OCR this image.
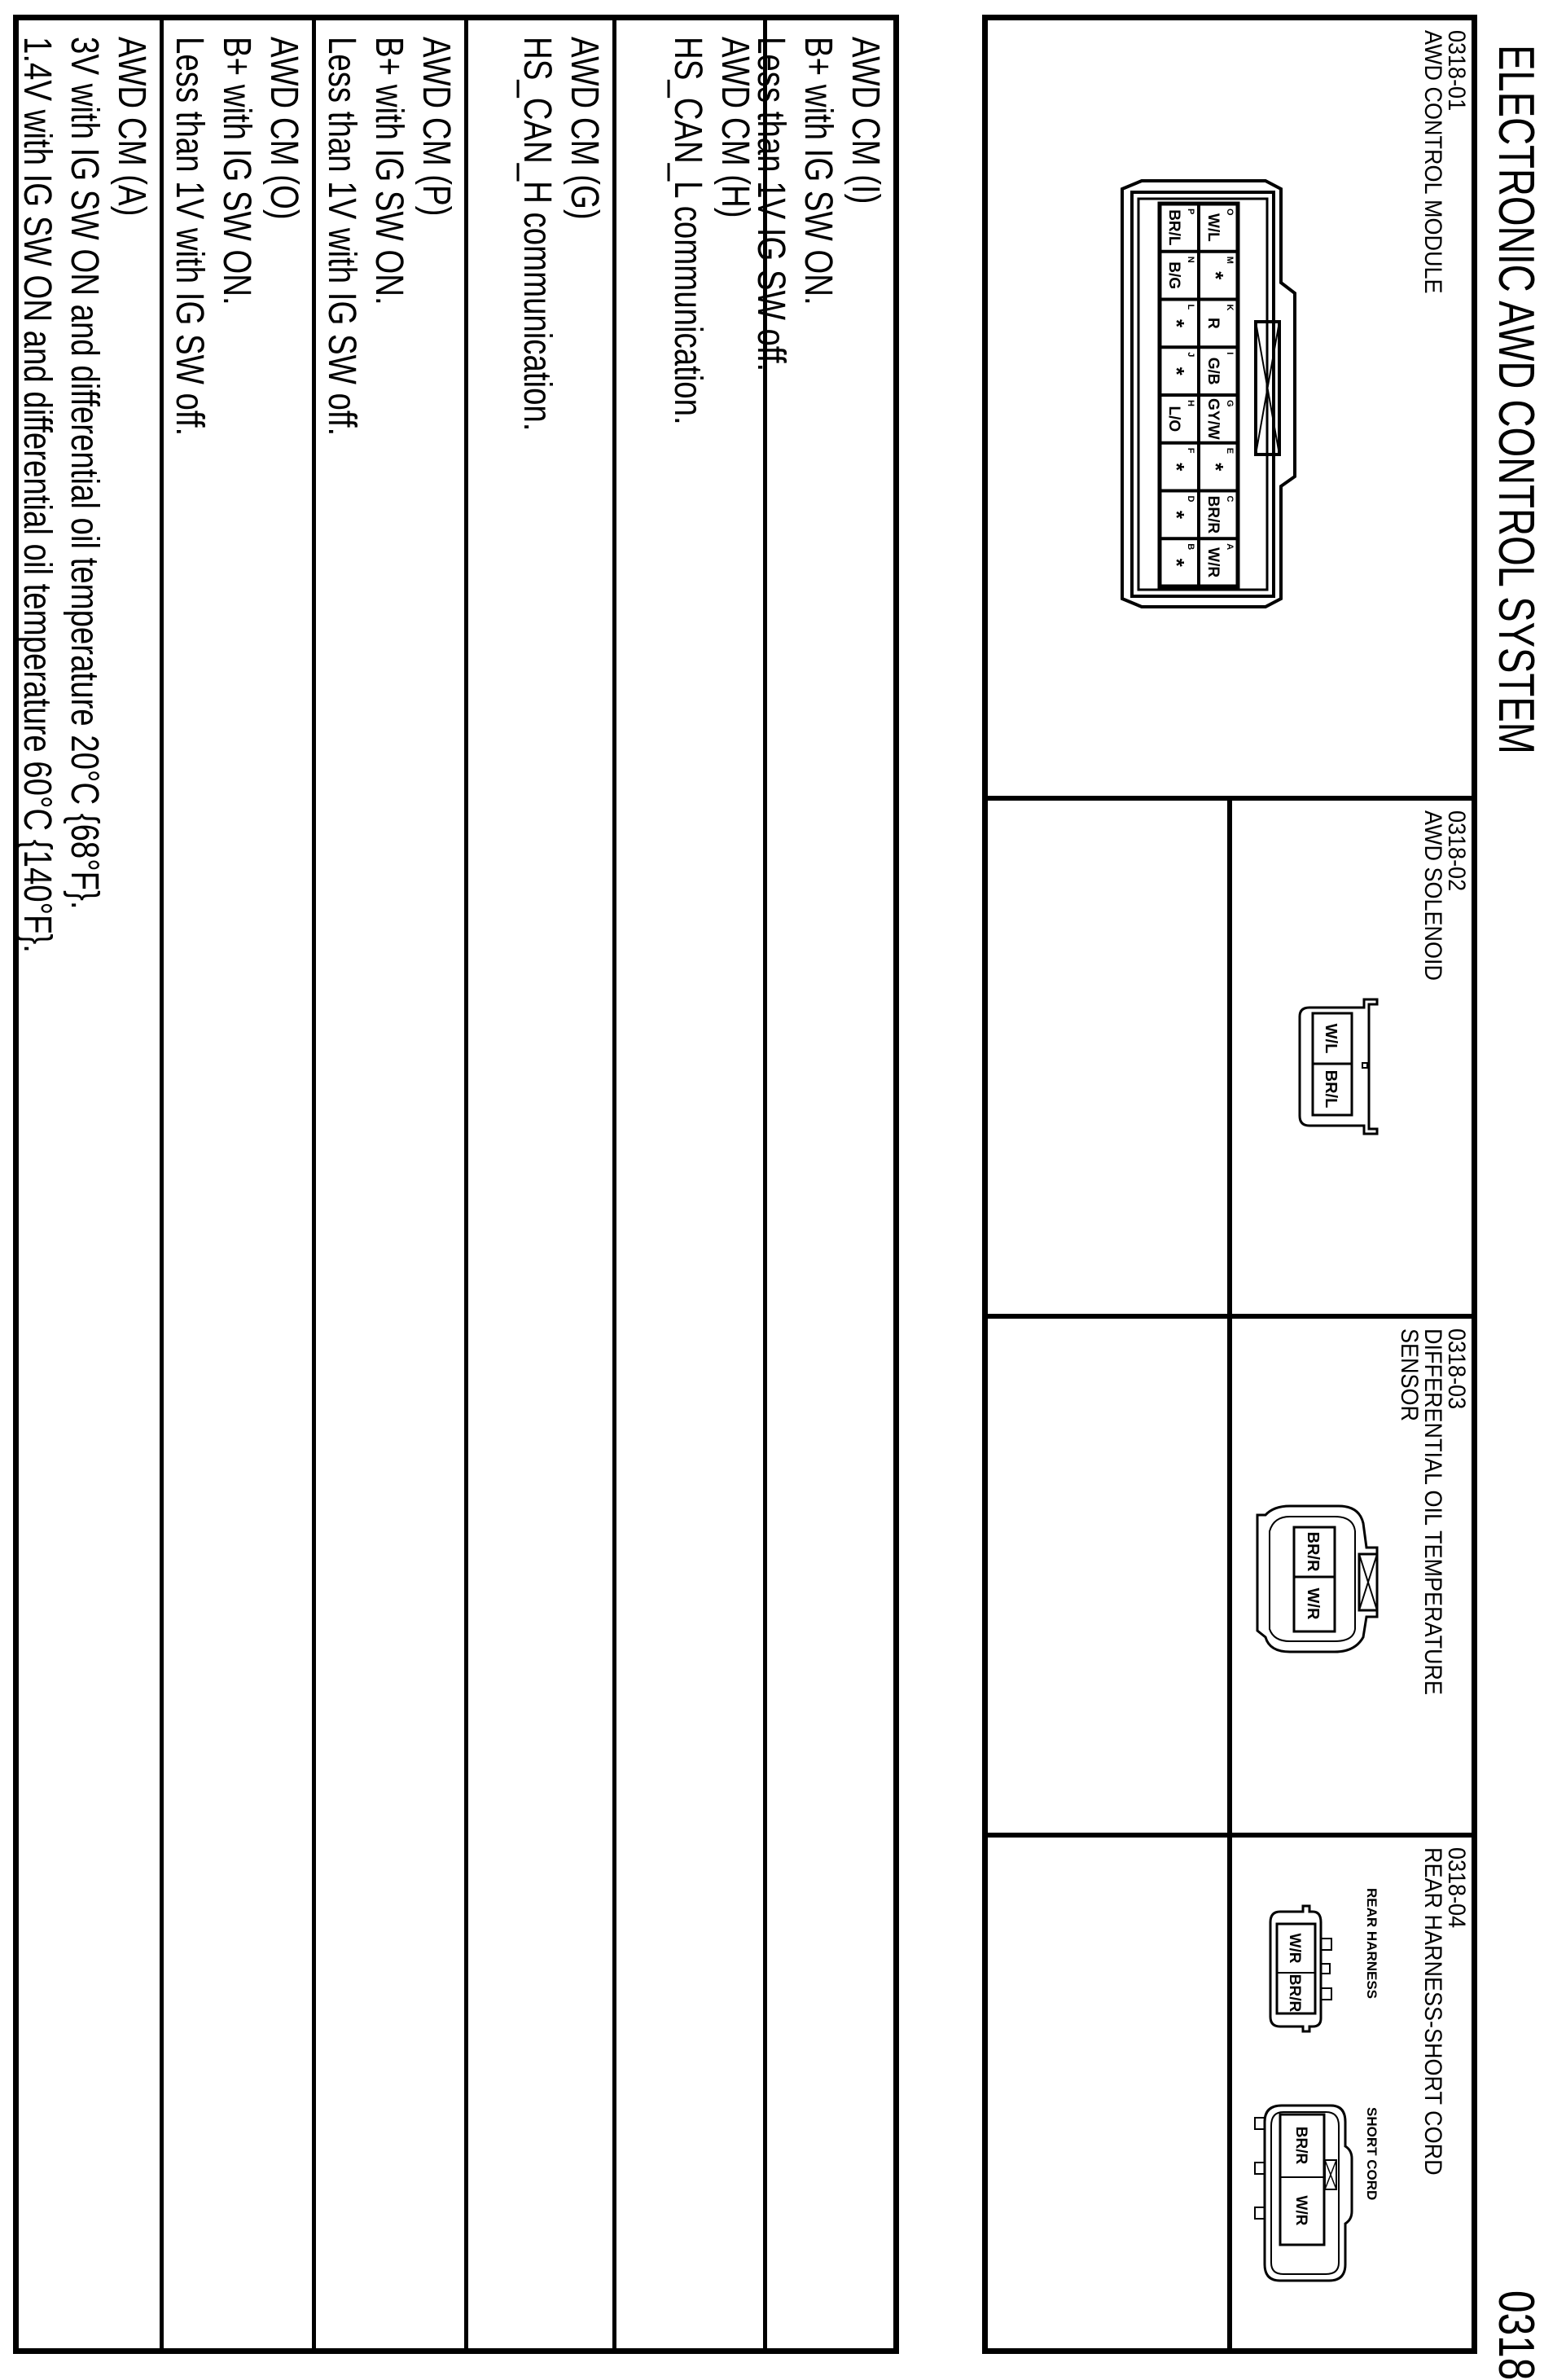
ELECTRONIC AWD CONTROL SYSTEM
0318
0318-01
AWD CONTROL MODULE
0318-02
AWD SOLENOID
0318-03
DIFFERENTIAL OIL TEMPERATURE
SENSOR
0318-04
REAR HARNESS-SHORT CORD
AWD CM (I)
B+ with IG SW ON.
Less than 1V IG SW off.
AWD CM (H)
HS_CAN_L communication.
AWD CM (G)
HS_CAN_H communication.
AWD CM (P)
B+ with IG SW ON.
Less than 1V with IG SW off.
AWD CM (O)
B+ with IG SW ON.
Less than 1V with IG SW off.
AWD CM (A)
3V with IG SW ON and differential oil temperature 20°C {68°F}.
1.4V with IG SW ON and differential oil temperature 60°C {140°F}.	O
W/L
M
*
K
R
I
G/B
G
GY/W
E
*
C
BR/R
A
W/R
P
BR/L
N
B/G
L
*
J
*
H
L/O
F
*
D
*
B
*
W/L
BR/L
BR/R
W/R
REAR HARNESS
W/R
BR/R
SHORT CORD
BR/R
W/R
